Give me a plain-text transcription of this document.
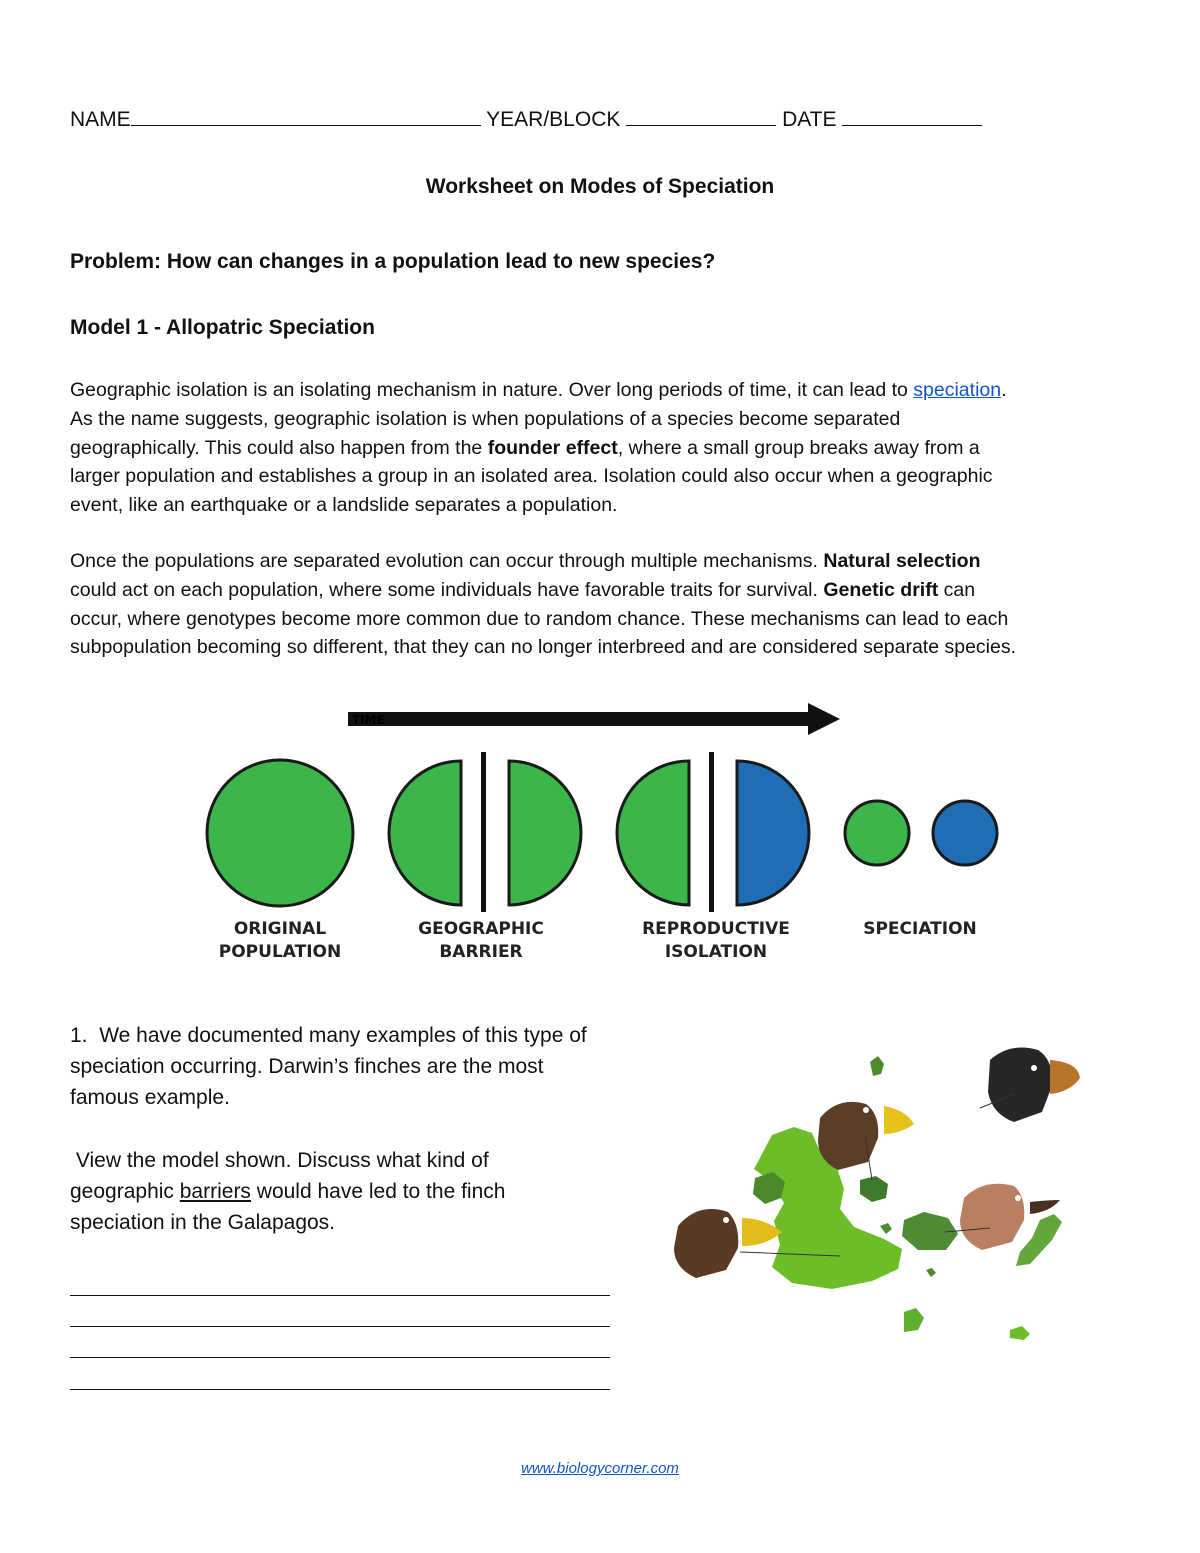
NAME	YEAR/BLOCK	DATE
Worksheet on Modes of Speciation
Problem: How can changes in a population lead to new species?
Model 1 - Allopatric Speciation
Geographic isolation is an isolating mechanism in nature. Over long periods of time, it can lead to speciation.
As the name suggests, geographic isolation is when populations of a species become separated
geographically. This could also happen from the founder effect, where a small group breaks away from a
larger population and establishes a group in an isolated area. Isolation could also occur when a geographic
event, like an earthquake or a landslide separates a population.
Once the populations are separated evolution can occur through multiple mechanisms. Natural selection
could act on each population, where some individuals have favorable traits for survival. Genetic drift can
occur, where genotypes become more common due to random chance. These mechanisms can lead to each
subpopulation becoming so different, that they can no longer interbreed and are considered separate species.
TIME
ORIGINAL
POPULATION
GEOGRAPHIC
BARRIER
REPRODUCTIVE
ISOLATION
SPECIATION
1. We have documented many examples of this type of
speciation occurring. Darwin’s finches are the most
famous example.
View the model shown. Discuss what kind of
geographic barriers would have led to the finch
speciation in the Galapagos.
www.biologycorner.com
